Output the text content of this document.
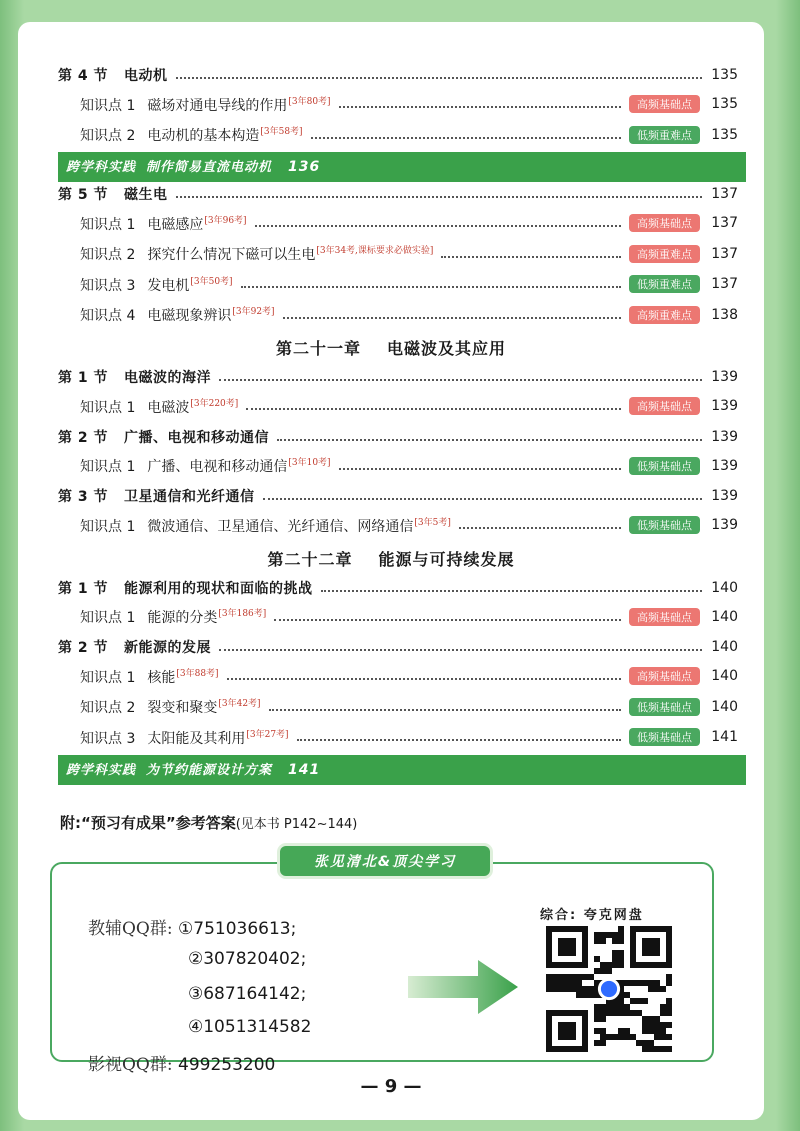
第 4 节 电动机	135
知识点 1 磁场对通电导线的作用[3年80考]	高频基础点	135
知识点 2 电动机的基本构造[3年58考]	低频重难点	135
跨学科实践 制作简易直流电动机 136
第 5 节 磁生电	137
知识点 1 电磁感应[3年96考]	高频基础点	137
知识点 2 探究什么情况下磁可以生电[3年34考,课标要求必做实验]	高频重难点	137
知识点 3 发电机[3年50考]	低频重难点	137
知识点 4 电磁现象辨识[3年92考]	高频重难点	138
第二十一章 电磁波及其应用
第 1 节 电磁波的海洋	139
知识点 1 电磁波[3年220考]	高频基础点	139
第 2 节 广播、电视和移动通信	139
知识点 1 广播、电视和移动通信[3年10考]	低频基础点	139
第 3 节 卫星通信和光纤通信	139
知识点 1 微波通信、卫星通信、光纤通信、网络通信[3年5考]	低频基础点	139
第二十二章 能源与可持续发展
第 1 节 能源利用的现状和面临的挑战	140
知识点 1 能源的分类[3年186考]	高频基础点	140
第 2 节 新能源的发展	140
知识点 1 核能[3年88考]	高频基础点	140
知识点 2 裂变和聚变[3年42考]	低频基础点	140
知识点 3 太阳能及其利用[3年27考]	低频基础点	141
跨学科实践 为节约能源设计方案 141
附:“预习有成果”参考答案(见本书 P142~144)
张见清北&顶尖学习
教辅QQ群: ①751036613;
②307820402;
③687164142;
④1051314582
影视QQ群: 499253200
综合: 夸克网盘
— 9 —
